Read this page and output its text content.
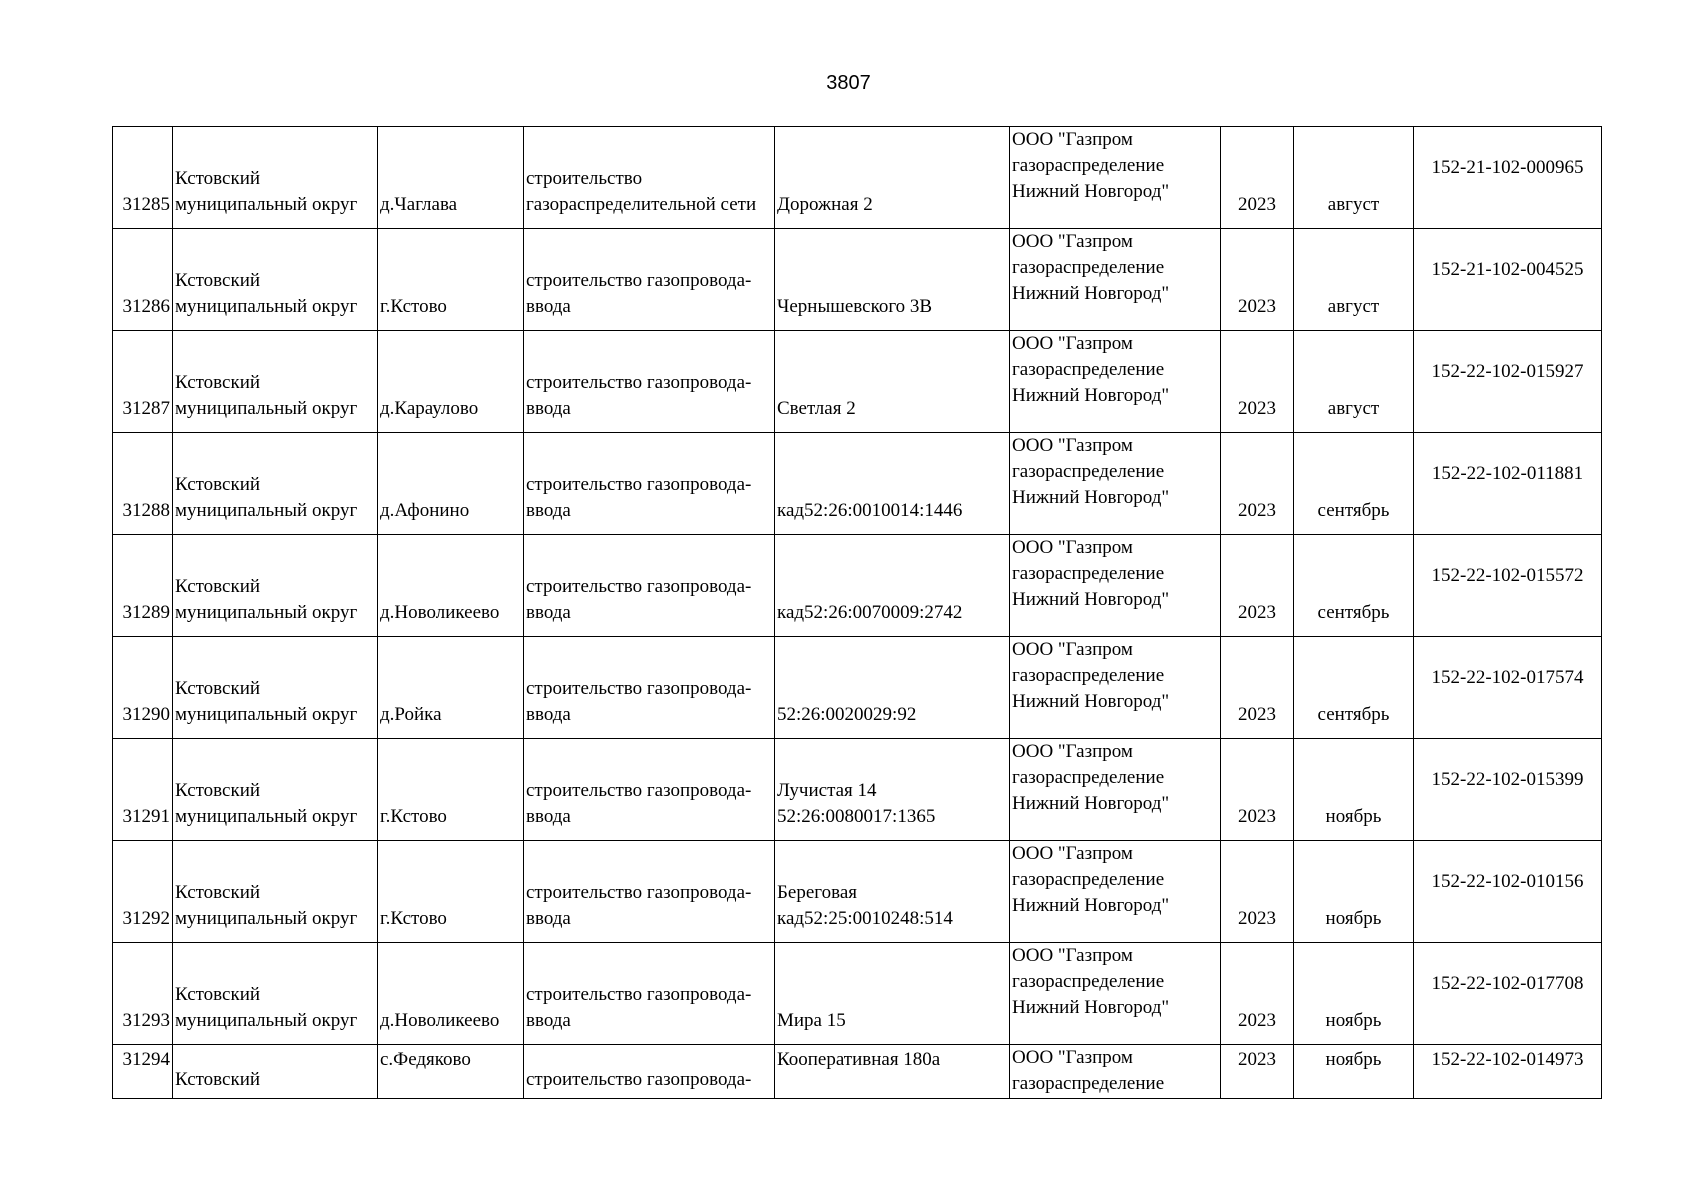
3807
31285	Кстовский
муниципальный округ	д.Чаглава	строительство
газораспределительной сети	Дорожная 2	ООО "Газпром
газораспределение
Нижний Новгород"	2023	август	152-21-102-000965

31286	Кстовский
муниципальный округ	г.Кстово	строительство газопровода-
ввода	Чернышевского 3В	ООО "Газпром
газораспределение
Нижний Новгород"	2023	август	152-21-102-004525

31287	Кстовский
муниципальный округ	д.Караулово	строительство газопровода-
ввода	Светлая 2	ООО "Газпром
газораспределение
Нижний Новгород"	2023	август	152-22-102-015927

31288	Кстовский
муниципальный округ	д.Афонино	строительство газопровода-
ввода	кад52:26:0010014:1446	ООО "Газпром
газораспределение
Нижний Новгород"	2023	сентябрь	152-22-102-011881

31289	Кстовский
муниципальный округ	д.Новоликеево	строительство газопровода-
ввода	кад52:26:0070009:2742	ООО "Газпром
газораспределение
Нижний Новгород"	2023	сентябрь	152-22-102-015572

31290	Кстовский
муниципальный округ	д.Ройка	строительство газопровода-
ввода	52:26:0020029:92	ООО "Газпром
газораспределение
Нижний Новгород"	2023	сентябрь	152-22-102-017574

31291	Кстовский
муниципальный округ	г.Кстово	строительство газопровода-
ввода	Лучистая 14
52:26:0080017:1365	ООО "Газпром
газораспределение
Нижний Новгород"	2023	ноябрь	152-22-102-015399

31292	Кстовский
муниципальный округ	г.Кстово	строительство газопровода-
ввода	Береговая
кад52:25:0010248:514	ООО "Газпром
газораспределение
Нижний Новгород"	2023	ноябрь	152-22-102-010156

31293	Кстовский
муниципальный округ	д.Новоликеево	строительство газопровода-
ввода	Мира 15	ООО "Газпром
газораспределение
Нижний Новгород"	2023	ноябрь	152-22-102-017708

31294	Кстовский	с.Федяково	строительство газопровода-	Кооперативная 180а	ООО "Газпром
газораспределение	2023	ноябрь	152-22-102-014973
